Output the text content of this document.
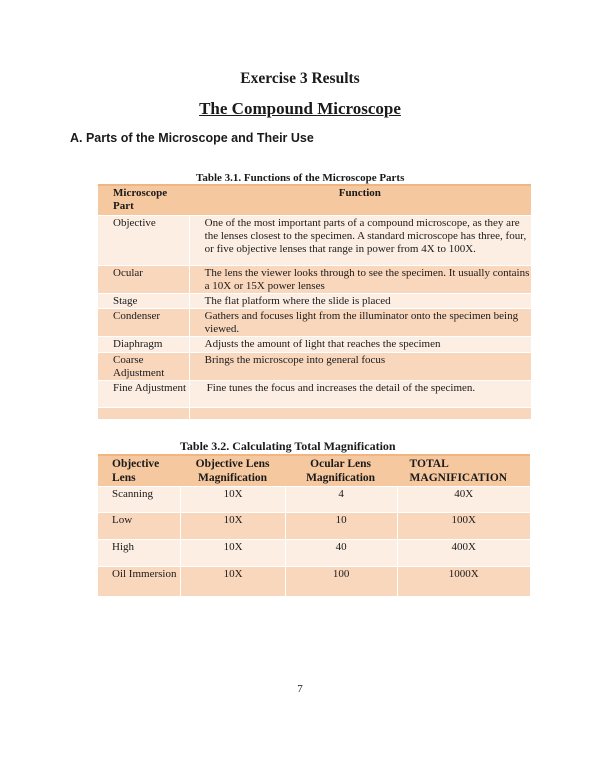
Exercise 3 Results
The Compound Microscope
A. Parts of the Microscope and Their Use
Table 3.1. Functions of the Microscope Parts
Microscope Part	Function
Objective	One of the most important parts of a compound microscope, as they are the lenses closest to the specimen. A standard microscope has three, four, or five objective lenses that range in power from 4X to 100X.
Ocular	The lens the viewer looks through to see the specimen. It usually contains a 10X or 15X power lenses
Stage	The flat platform where the slide is placed
Condenser	Gathers and focuses light from the illuminator onto the specimen being viewed.
Diaphragm	Adjusts the amount of light that reaches the specimen
Coarse Adjustment	Brings the microscope into general focus
Fine Adjustment	Fine tunes the focus and increases the detail of the specimen.

Table 3.2. Calculating Total Magnification
Objective Lens	Objective Lens Magnification	Ocular Lens Magnification	TOTAL MAGNIFICATION
Scanning	10X	4	40X
Low	10X	10	100X
High	10X	40	400X
Oil Immersion	10X	100	1000X
7
